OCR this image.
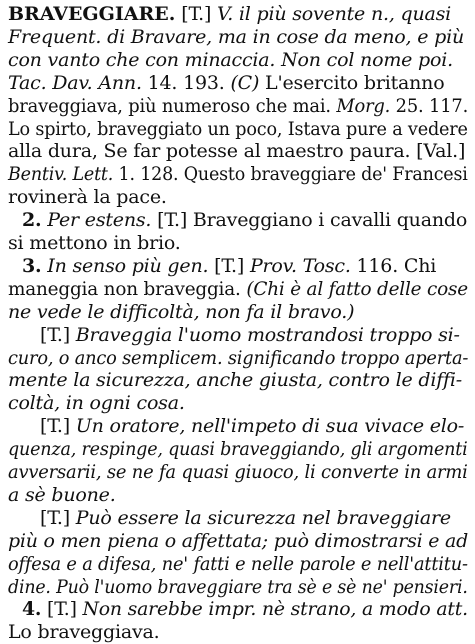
BRAVEGGIARE. [T.] V. il più sovente n., quasi
Frequent. di Bravare, ma in cose da meno, e più
con vanto che con minaccia. Non col nome poi.
Tac. Dav. Ann. 14. 193. (C) L'esercito britanno
braveggiava, più numeroso che mai. Morg. 25. 117.
Lo spirto, braveggiato un poco, Istava pure a vedere
alla dura, Se far potesse al maestro paura. [Val.]
Bentiv. Lett. 1. 128. Questo braveggiare de' Francesi
rovinerà la pace.
2. Per estens. [T.] Braveggiano i cavalli quando
si mettono in brio.
3. In senso più gen. [T.] Prov. Tosc. 116. Chi
maneggia non braveggia. (Chi è al fatto delle cose
ne vede le difficoltà, non fa il bravo.)
[T.] Braveggia l'uomo mostrandosi troppo si-
curo, o anco semplicem. significando troppo aperta-
mente la sicurezza, anche giusta, contro le diffi-
coltà, in ogni cosa.
[T.] Un oratore, nell'impeto di sua vivace elo-
quenza, respinge, quasi braveggiando, gli argomenti
avversarii, se ne fa quasi giuoco, li converte in armi
a sè buone.
[T.] Può essere la sicurezza nel braveggiare
più o men piena o affettata; può dimostrarsi e ad
offesa e a difesa, ne' fatti e nelle parole e nell'attitu-
dine. Può l'uomo braveggiare tra sè e sè ne' pensieri.
4. [T.] Non sarebbe impr. nè strano, a modo att.
Lo braveggiava.
